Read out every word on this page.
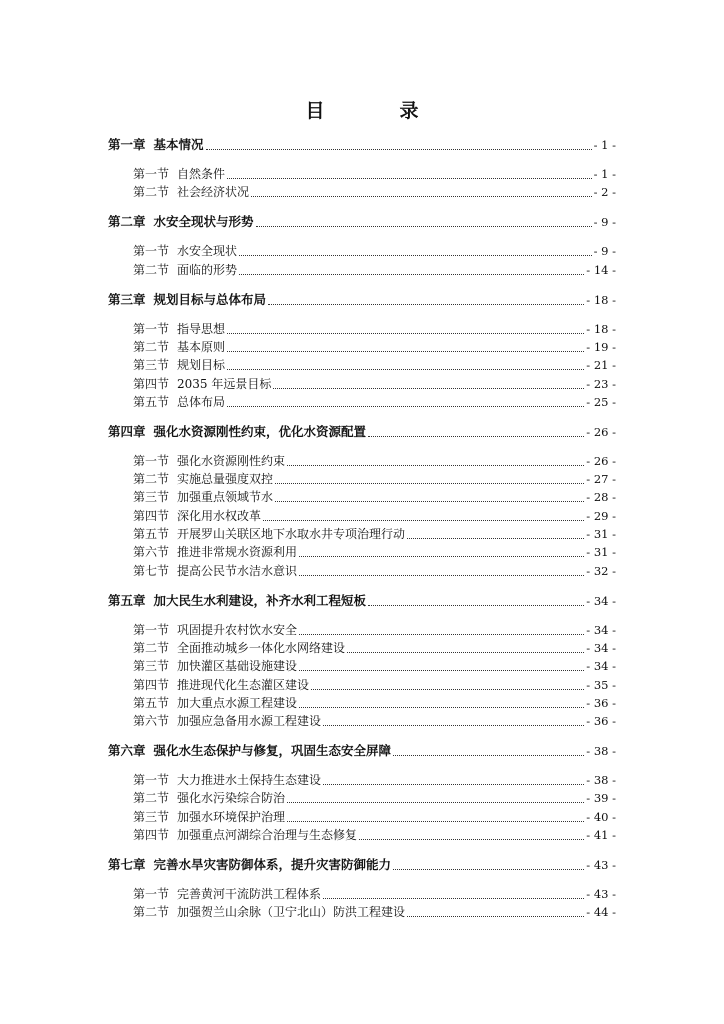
目　录
第一章 基本情况	- 1 -
第一节 自然条件	- 1 -
第二节 社会经济状况	- 2 -
第二章 水安全现状与形势	- 9 -
第一节 水安全现状	- 9 -
第二节 面临的形势	- 14 -
第三章 规划目标与总体布局	- 18 -
第一节 指导思想	- 18 -
第二节 基本原则	- 19 -
第三节 规划目标	- 21 -
第四节 2035 年远景目标	- 23 -
第五节 总体布局	- 25 -
第四章 强化水资源刚性约束，优化水资源配置	- 26 -
第一节 强化水资源刚性约束	- 26 -
第二节 实施总量强度双控	- 27 -
第三节 加强重点领域节水	- 28 -
第四节 深化用水权改革	- 29 -
第五节 开展罗山关联区地下水取水井专项治理行动	- 31 -
第六节 推进非常规水资源利用	- 31 -
第七节 提高公民节水洁水意识	- 32 -
第五章 加大民生水利建设，补齐水利工程短板	- 34 -
第一节 巩固提升农村饮水安全	- 34 -
第二节 全面推动城乡一体化水网络建设	- 34 -
第三节 加快灌区基础设施建设	- 34 -
第四节 推进现代化生态灌区建设	- 35 -
第五节 加大重点水源工程建设	- 36 -
第六节 加强应急备用水源工程建设	- 36 -
第六章 强化水生态保护与修复，巩固生态安全屏障	- 38 -
第一节 大力推进水土保持生态建设	- 38 -
第二节 强化水污染综合防治	- 39 -
第三节 加强水环境保护治理	- 40 -
第四节 加强重点河湖综合治理与生态修复	- 41 -
第七章 完善水旱灾害防御体系，提升灾害防御能力	- 43 -
第一节 完善黄河干流防洪工程体系	- 43 -
第二节 加强贺兰山余脉（卫宁北山）防洪工程建设	- 44 -
